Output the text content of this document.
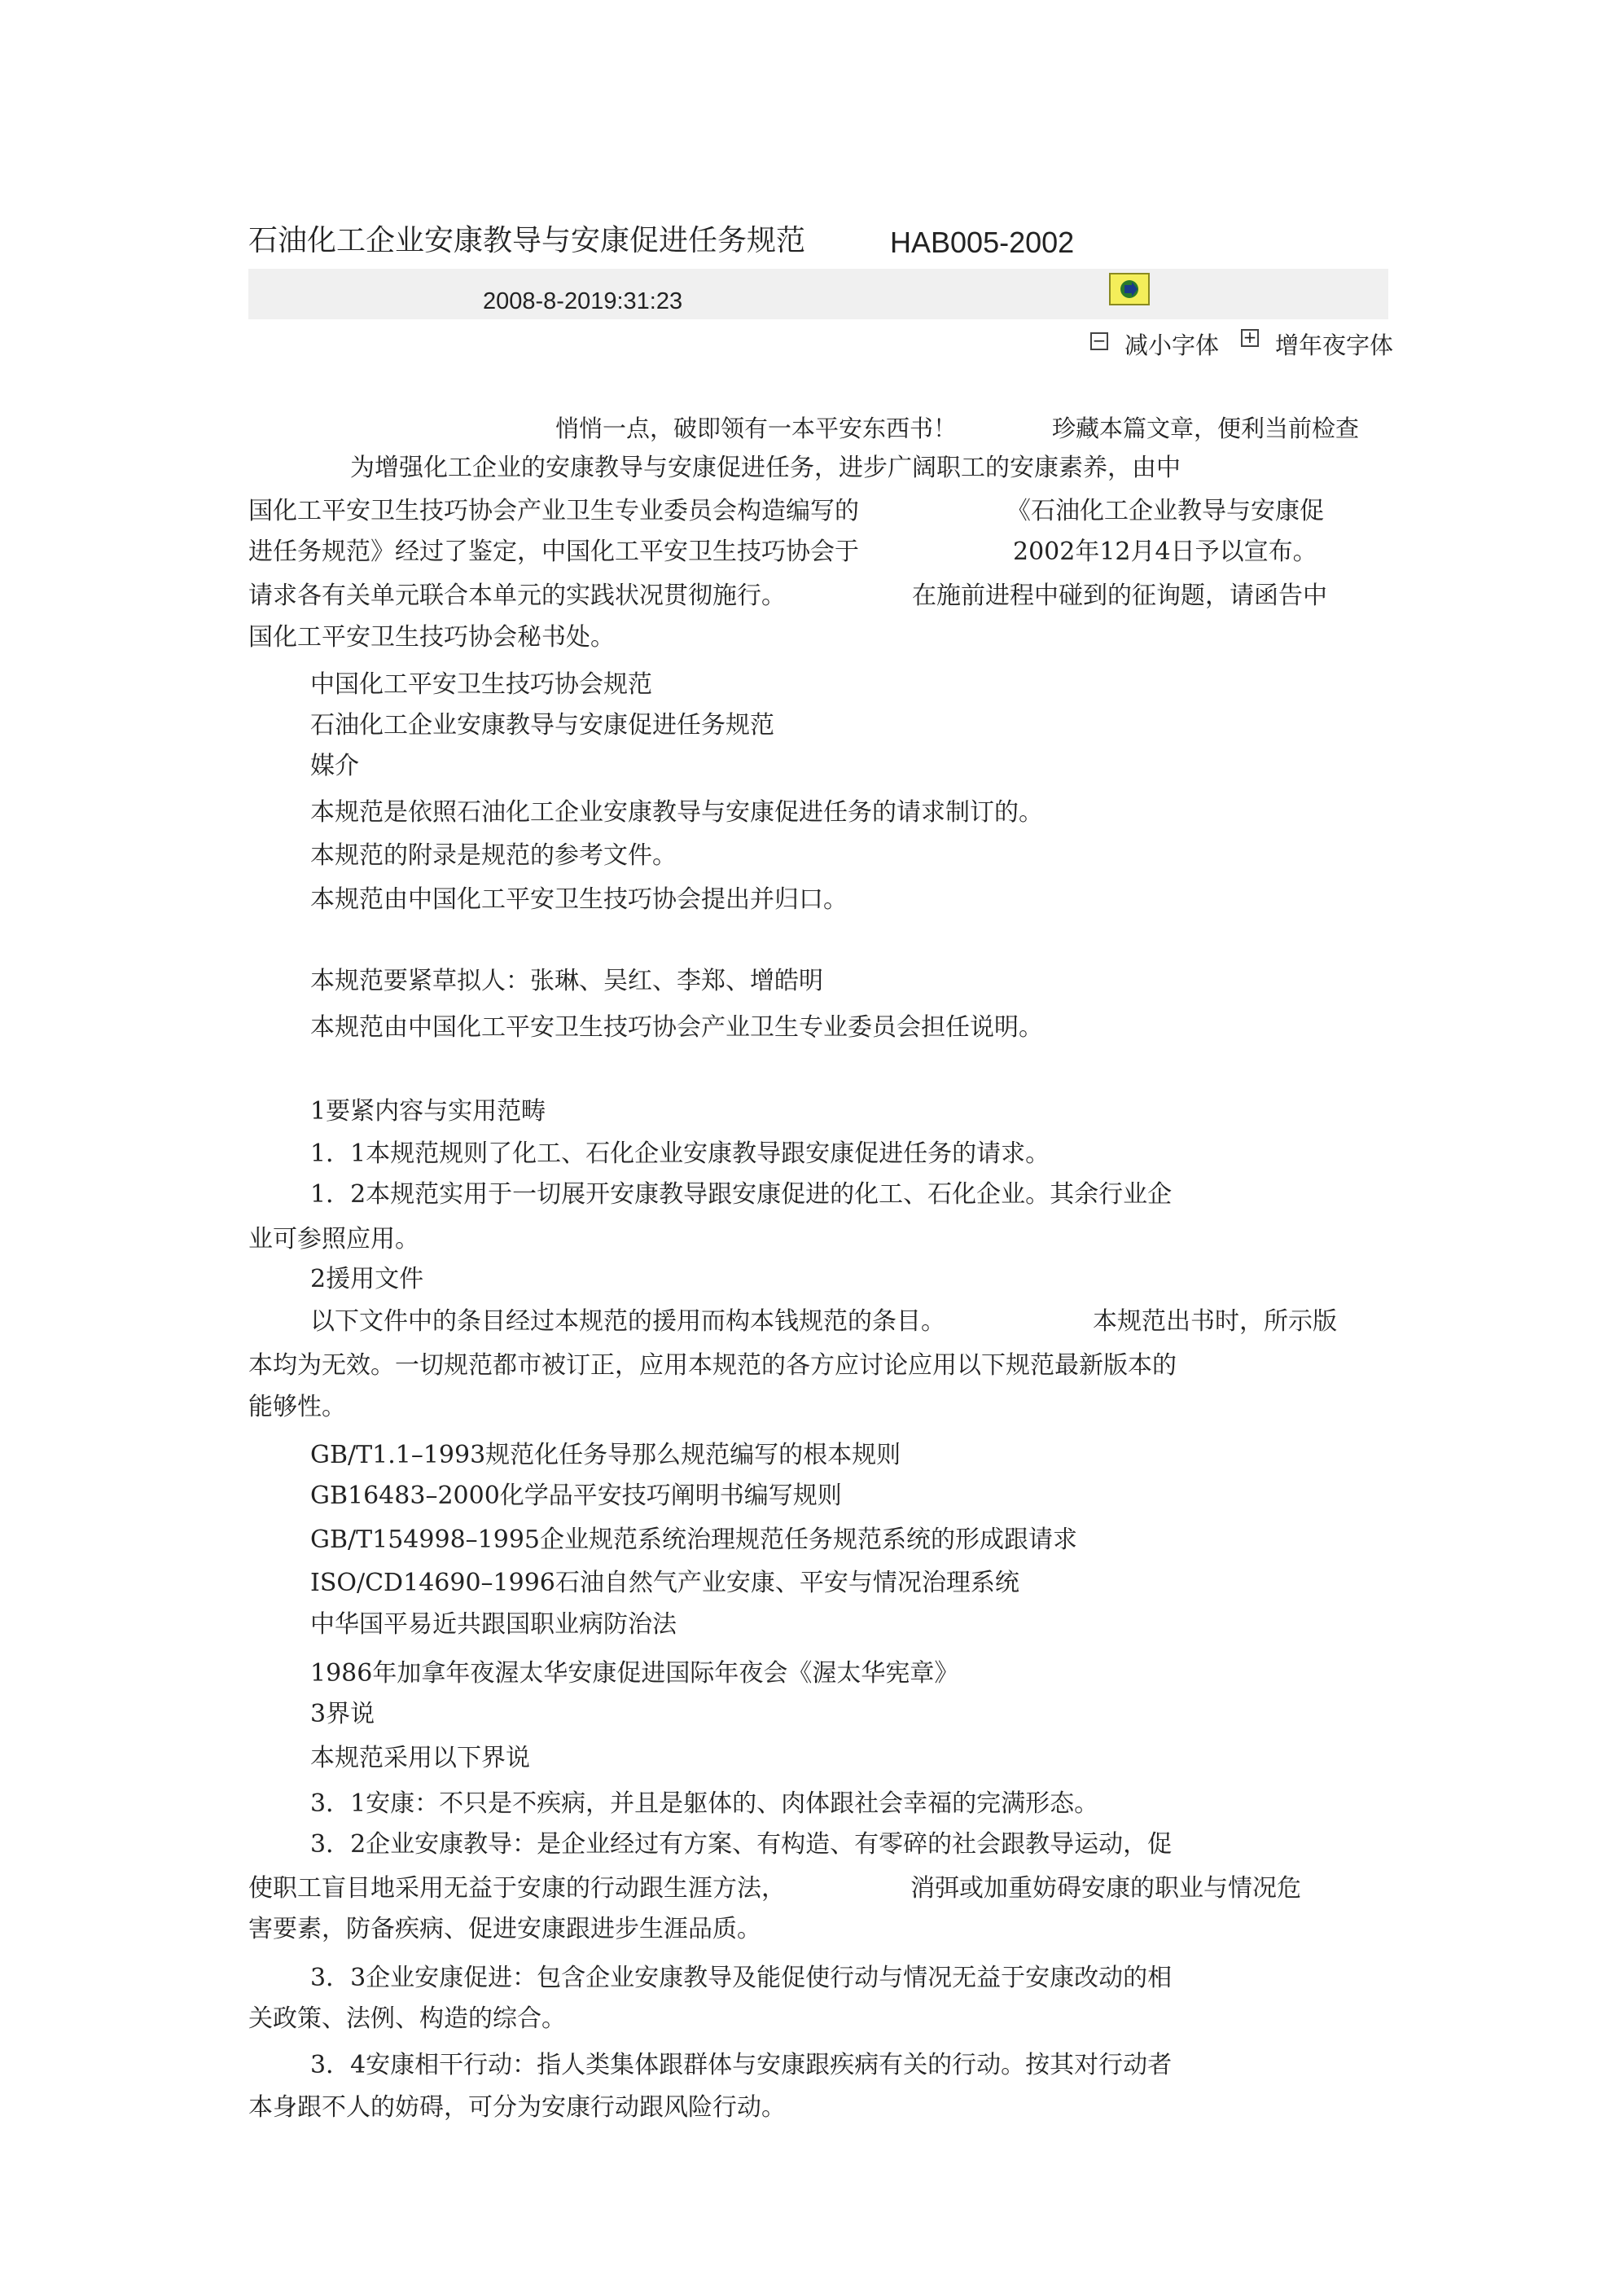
石油化工企业安康教导与安康促进任务规范	HAB005-2002
2008-8-2019:31:23
− 减小字体 + 增年夜字体
悄悄一点，破即领有一本平安东西书！	珍藏本篇文章，便利当前检查
为增强化工企业的安康教导与安康促进任务，进步广阔职工的安康素养，由中
国化工平安卫生技巧协会产业卫生专业委员会构造编写的	《石油化工企业教导与安康促
进任务规范》经过了鉴定，中国化工平安卫生技巧协会于	2002年12月4日予以宣布。
请求各有关单元联合本单元的实践状况贯彻施行。	在施前进程中碰到的征询题，请函告中
国化工平安卫生技巧协会秘书处。
中国化工平安卫生技巧协会规范
石油化工企业安康教导与安康促进任务规范
媒介
本规范是依照石油化工企业安康教导与安康促进任务的请求制订的。
本规范的附录是规范的参考文件。
本规范由中国化工平安卫生技巧协会提出并归口。
本规范要紧草拟人：张琳、吴红、李郑、增皓明
本规范由中国化工平安卫生技巧协会产业卫生专业委员会担任说明。
1要紧内容与实用范畴
1．1本规范规则了化工、石化企业安康教导跟安康促进任务的请求。
1．2本规范实用于一切展开安康教导跟安康促进的化工、石化企业。其余行业企
业可参照应用。
2援用文件
以下文件中的条目经过本规范的援用而构本钱规范的条目。	本规范出书时，所示版
本均为无效。一切规范都市被订正，应用本规范的各方应讨论应用以下规范最新版本的
能够性。
GB/T1.1–1993规范化任务导那么规范编写的根本规则
GB16483–2000化学品平安技巧阐明书编写规则
GB/T154998–1995企业规范系统治理规范任务规范系统的形成跟请求
ISO/CD14690–1996石油自然气产业安康、平安与情况治理系统
中华国平易近共跟国职业病防治法
1986年加拿年夜渥太华安康促进国际年夜会《渥太华宪章》
3界说
本规范采用以下界说
3．1安康：不只是不疾病，并且是躯体的、肉体跟社会幸福的完满形态。
3．2企业安康教导：是企业经过有方案、有构造、有零碎的社会跟教导运动，促
使职工盲目地采用无益于安康的行动跟生涯方法，	消弭或加重妨碍安康的职业与情况危
害要素，防备疾病、促进安康跟进步生涯品质。
3．3企业安康促进：包含企业安康教导及能促使行动与情况无益于安康改动的相
关政策、法例、构造的综合。
3．4安康相干行动：指人类集体跟群体与安康跟疾病有关的行动。按其对行动者
本身跟不人的妨碍，可分为安康行动跟风险行动。
